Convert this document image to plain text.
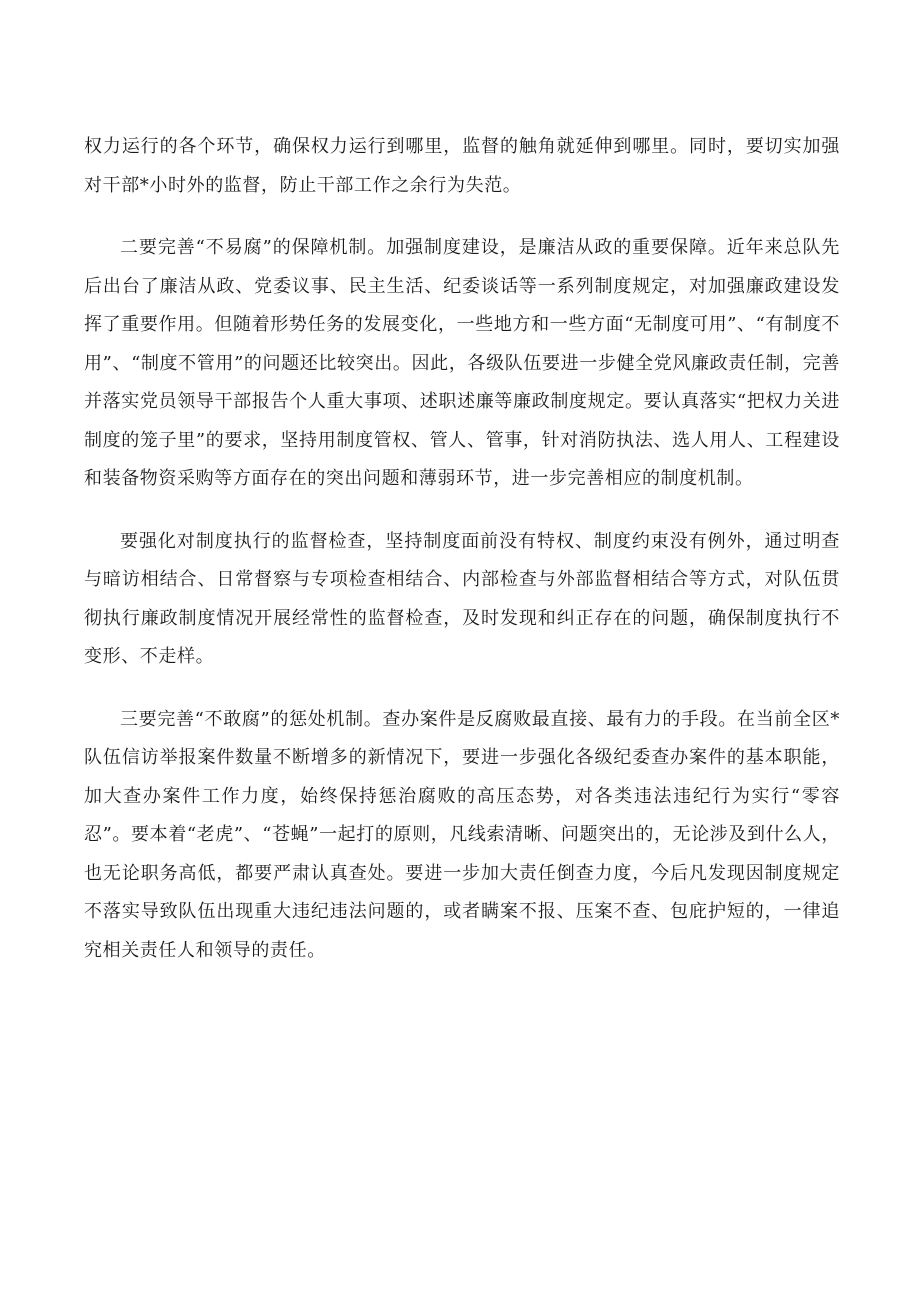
权力运行的各个环节，确保权力运行到哪里，监督的触角就延伸到哪里。同时，要切实加强对干部*小时外的监督，防止干部工作之余行为失范。

二要完善“不易腐”的保障机制。加强制度建设，是廉洁从政的重要保障。近年来总队先后出台了廉洁从政、党委议事、民主生活、纪委谈话等一系列制度规定，对加强廉政建设发挥了重要作用。但随着形势任务的发展变化，一些地方和一些方面“无制度可用”、“有制度不用”、“制度不管用”的问题还比较突出。因此，各级队伍要进一步健全党风廉政责任制，完善并落实党员领导干部报告个人重大事项、述职述廉等廉政制度规定。要认真落实“把权力关进制度的笼子里”的要求，坚持用制度管权、管人、管事，针对消防执法、选人用人、工程建设和装备物资采购等方面存在的突出问题和薄弱环节，进一步完善相应的制度机制。

要强化对制度执行的监督检查，坚持制度面前没有特权、制度约束没有例外，通过明查与暗访相结合、日常督察与专项检查相结合、内部检查与外部监督相结合等方式，对队伍贯彻执行廉政制度情况开展经常性的监督检查，及时发现和纠正存在的问题，确保制度执行不变形、不走样。

三要完善“不敢腐”的惩处机制。查办案件是反腐败最直接、最有力的手段。在当前全区*队伍信访举报案件数量不断增多的新情况下，要进一步强化各级纪委查办案件的基本职能，加大查办案件工作力度，始终保持惩治腐败的高压态势，对各类违法违纪行为实行“零容忍”。要本着“老虎”、“苍蝇”一起打的原则，凡线索清晰、问题突出的，无论涉及到什么人，也无论职务高低，都要严肃认真查处。要进一步加大责任倒查力度，今后凡发现因制度规定不落实导致队伍出现重大违纪违法问题的，或者瞒案不报、压案不查、包庇护短的，一律追究相关责任人和领导的责任。
